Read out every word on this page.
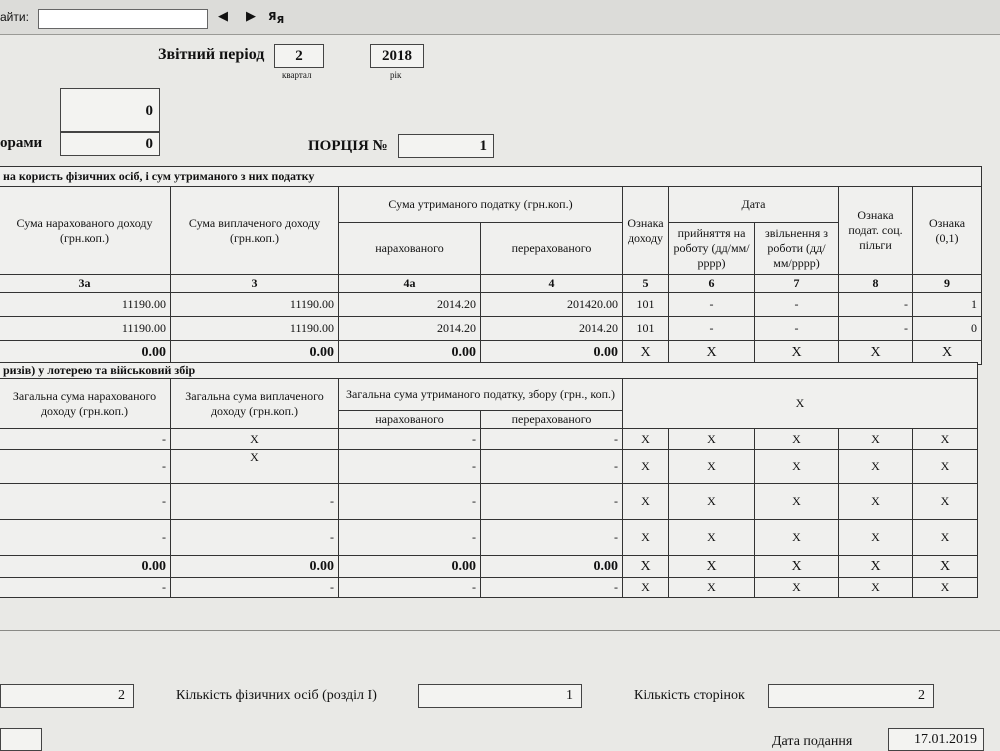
айти:	◀ ▶ $Я_Я$
Звітний період	2
квартал
2018
рік
0
орами	0	ПОРЦІЯ №	1
на користь фізичних осіб, і сум утриманого з них податку								
Сума нарахованого доходу (грн.коп.)	Сума виплаченого доходу (грн.коп.)	Сума утриманого податку (грн.коп.)		Ознака доходу	Дата		Ознака подат. соц. пільги	Ознака (0,1)
		нарахованого	перерахованого		прийняття на роботу (дд/мм/рррр)	звільнення з роботи (дд/мм/рррр)		
3а	3	4а	4	5	6	7	8	9
11190.00	11190.00	2014.20	201420.00	101	-	-	-	1
11190.00	11190.00	2014.20	2014.20	101	-	-	-	0
0.00	0.00	0.00	0.00	X	X	X	X	X
ризів) у лотерею та військовий збір								
Загальна сума нарахованого доходу (грн.коп.)	Загальна сума виплаченого доходу (грн.коп.)	Загальна сума утриманого податку, збору (грн., коп.)		X				
		нарахованого	перерахованого					
-	X	-	-	X	X	X	X	X
-	X	-	-	X	X	X	X	X
-	-	-	-	X	X	X	X	X
-	-	-	-	X	X	X	X	X
0.00	0.00	0.00	0.00	X	X	X	X	X
-	-	-	-	X	X	X	X	X
2	Кількість фізичних осіб (розділ І)	1	Кількість сторінок	2
Дата подання	17.01.2019
